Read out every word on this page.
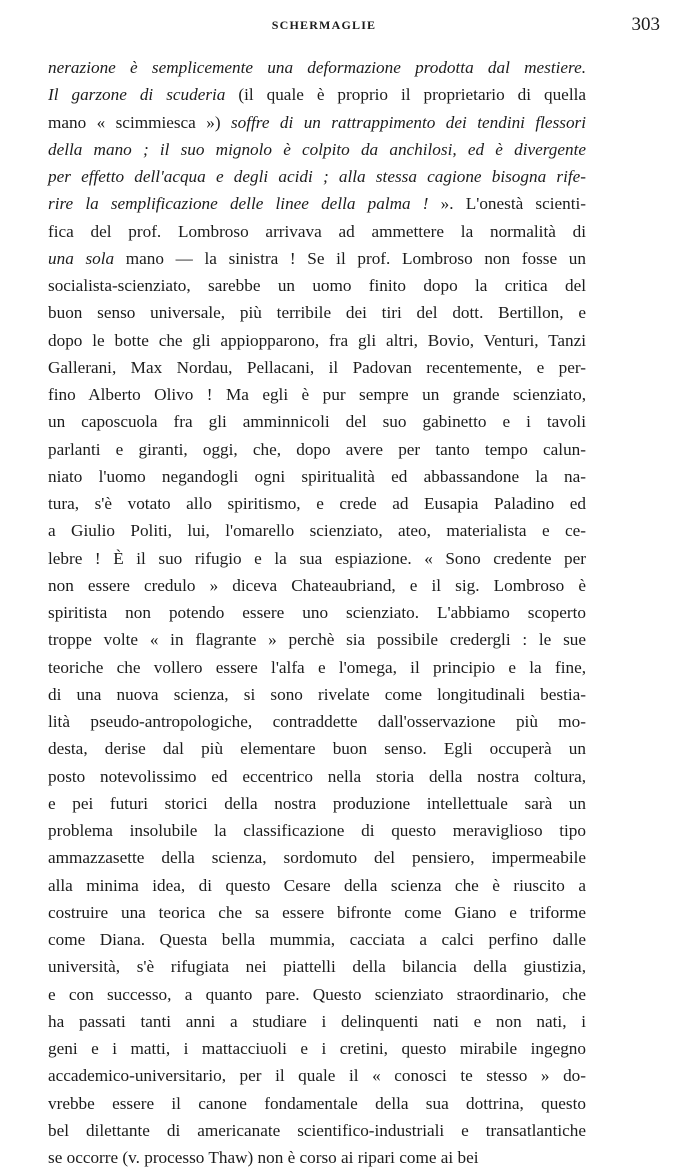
SCHERMAGLIE	303
nerazione è semplicemente una deformazione prodotta dal mestiere.
Il garzone di scuderia (il quale è proprio il proprietario di quella
mano « scimmiesca ») soffre di un rattrappimento dei tendini flessori
della mano ; il suo mignolo è colpito da anchilosi, ed è divergente
per effetto dell'acqua e degli acidi ; alla stessa cagione bisogna rife-
rire la semplificazione delle linee della palma ! ». L'onestà scienti-
fica del prof. Lombroso arrivava ad ammettere la normalità di
una sola mano — la sinistra ! Se il prof. Lombroso non fosse un
socialista-scienziato, sarebbe un uomo finito dopo la critica del
buon senso universale, più terribile dei tiri del dott. Bertillon, e
dopo le botte che gli appiopparono, fra gli altri, Bovio, Venturi, Tanzi
Gallerani, Max Nordau, Pellacani, il Padovan recentemente, e per-
fino Alberto Olivo ! Ma egli è pur sempre un grande scienziato,
un caposcuola fra gli amminnicoli del suo gabinetto e i tavoli
parlanti e giranti, oggi, che, dopo avere per tanto tempo calun-
niato l'uomo negandogli ogni spiritualità ed abbassandone la na-
tura, s'è votato allo spiritismo, e crede ad Eusapia Paladino ed
a Giulio Politi, lui, l'omarello scienziato, ateo, materialista e ce-
lebre ! È il suo rifugio e la sua espiazione. « Sono credente per
non essere credulo » diceva Chateaubriand, e il sig. Lombroso è
spiritista non potendo essere uno scienziato. L'abbiamo scoperto
troppe volte « in flagrante » perchè sia possibile credergli : le sue
teoriche che vollero essere l'alfa e l'omega, il principio e la fine,
di una nuova scienza, si sono rivelate come longitudinali bestia-
lità pseudo-antropologiche, contraddette dall'osservazione più mo-
desta, derise dal più elementare buon senso. Egli occuperà un
posto notevolissimo ed eccentrico nella storia della nostra coltura,
e pei futuri storici della nostra produzione intellettuale sarà un
problema insolubile la classificazione di questo meraviglioso tipo
ammazzasette della scienza, sordomuto del pensiero, impermeabile
alla minima idea, di questo Cesare della scienza che è riuscito a
costruire una teorica che sa essere bifronte come Giano e triforme
come Diana. Questa bella mummia, cacciata a calci perfino dalle
università, s'è rifugiata nei piattelli della bilancia della giustizia,
e con successo, a quanto pare. Questo scienziato straordinario, che
ha passati tanti anni a studiare i delinquenti nati e non nati, i
geni e i matti, i mattacciuoli e i cretini, questo mirabile ingegno
accademico-universitario, per il quale il « conosci te stesso » do-
vrebbe essere il canone fondamentale della sua dottrina, questo
bel dilettante di americanate scientifico-industriali e transatlantiche
se occorre (v. processo Thaw) non è corso ai ripari come ai bei
